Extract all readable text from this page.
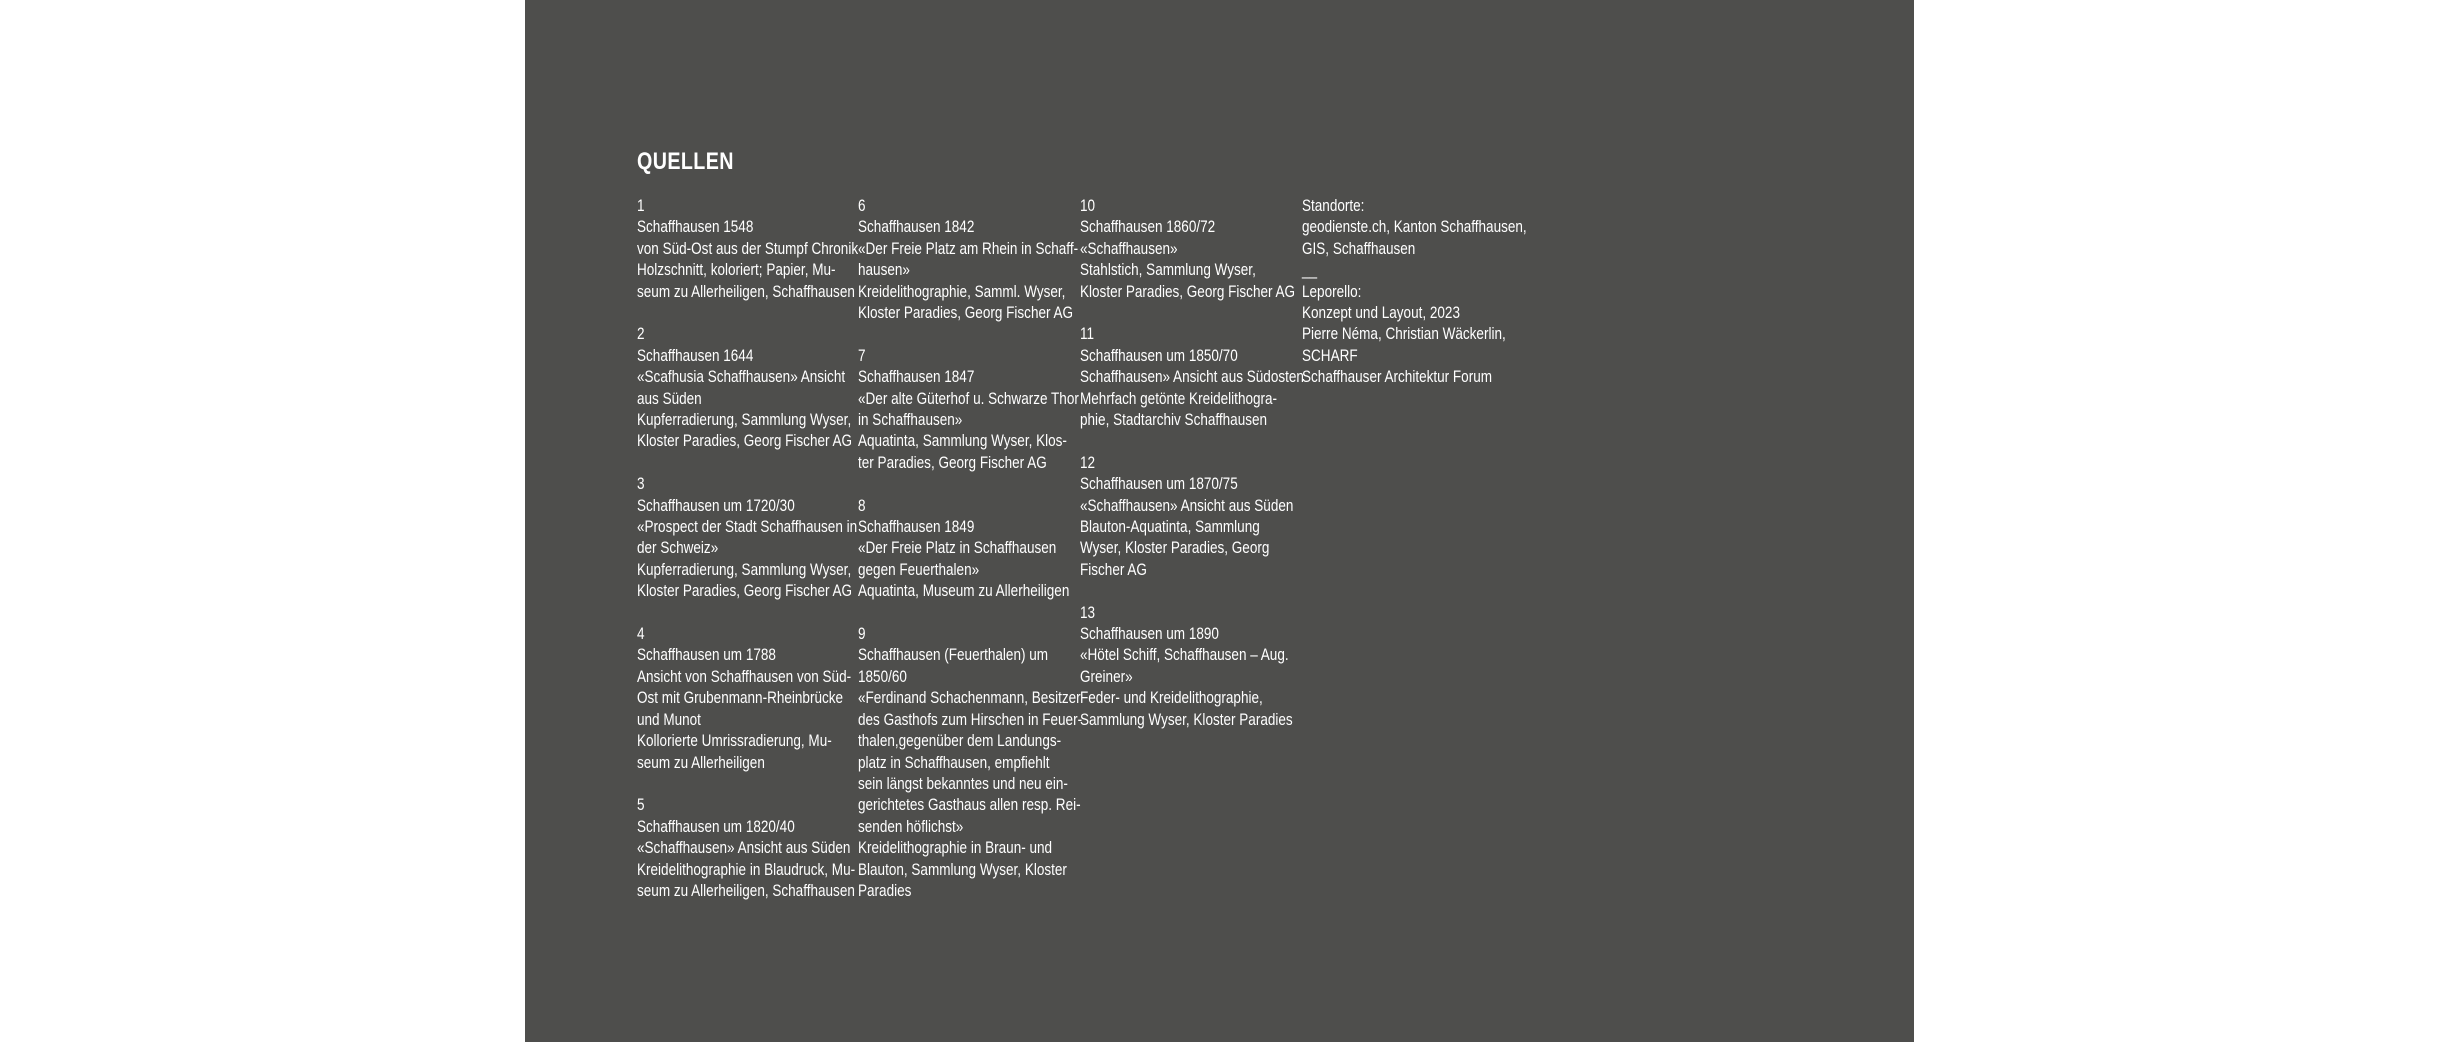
QUELLEN
1
Schaffhausen 1548
von Süd-Ost aus der Stumpf Chronik
Holzschnitt, koloriert; Papier, Mu-
seum zu Allerheiligen, Schaffhausen
2
Schaffhausen 1644
«Scafhusia Schaffhausen» Ansicht
aus Süden
Kupferradierung, Sammlung Wyser,
Kloster Paradies, Georg Fischer AG
3
Schaffhausen um 1720/30
«Prospect der Stadt Schaffhausen in
der Schweiz»
Kupferradierung, Sammlung Wyser,
Kloster Paradies, Georg Fischer AG
4
Schaffhausen um 1788
Ansicht von Schaffhausen von Süd-
Ost mit Grubenmann-Rheinbrücke
und Munot
Kollorierte Umrissradierung, Mu-
seum zu Allerheiligen
5
Schaffhausen um 1820/40
«Schaffhausen» Ansicht aus Süden
Kreidelithographie in Blaudruck, Mu-
seum zu Allerheiligen, Schaffhausen
6
Schaffhausen 1842
«Der Freie Platz am Rhein in Schaff-
hausen»
Kreidelithographie, Samml. Wyser,
Kloster Paradies, Georg Fischer AG
7
Schaffhausen 1847
«Der alte Güterhof u. Schwarze Thor
in Schaffhausen»
Aquatinta, Sammlung Wyser, Klos-
ter Paradies, Georg Fischer AG
8
Schaffhausen 1849
«Der Freie Platz in Schaffhausen
gegen Feuerthalen»
Aquatinta, Museum zu Allerheiligen
9
Schaffhausen (Feuerthalen) um
1850/60
«Ferdinand Schachenmann, Besitzer
des Gasthofs zum Hirschen in Feuer-
thalen,gegenüber dem Landungs-
platz in Schaffhausen, empfiehlt
sein längst bekanntes und neu ein-
gerichtetes Gasthaus allen resp. Rei-
senden höflichst»
Kreidelithographie in Braun- und
Blauton, Sammlung Wyser, Kloster
Paradies
10
Schaffhausen 1860/72
«Schaffhausen»
Stahlstich, Sammlung Wyser,
Kloster Paradies, Georg Fischer AG
11
Schaffhausen um 1850/70
Schaffhausen» Ansicht aus Südosten
Mehrfach getönte Kreidelithogra-
phie, Stadtarchiv Schaffhausen
12
Schaffhausen um 1870/75
«Schaffhausen» Ansicht aus Süden
Blauton-Aquatinta, Sammlung
Wyser, Kloster Paradies, Georg
Fischer AG
13
Schaffhausen um 1890
«Hötel Schiff, Schaffhausen – Aug.
Greiner»
Feder- und Kreidelithographie,
Sammlung Wyser, Kloster Paradies
Standorte:
geodienste.ch, Kanton Schaffhausen,
GIS, Schaffhausen
__
Leporello:
Konzept und Layout, 2023
Pierre Néma, Christian Wäckerlin,
SCHARF
Schaffhauser Architektur Forum
